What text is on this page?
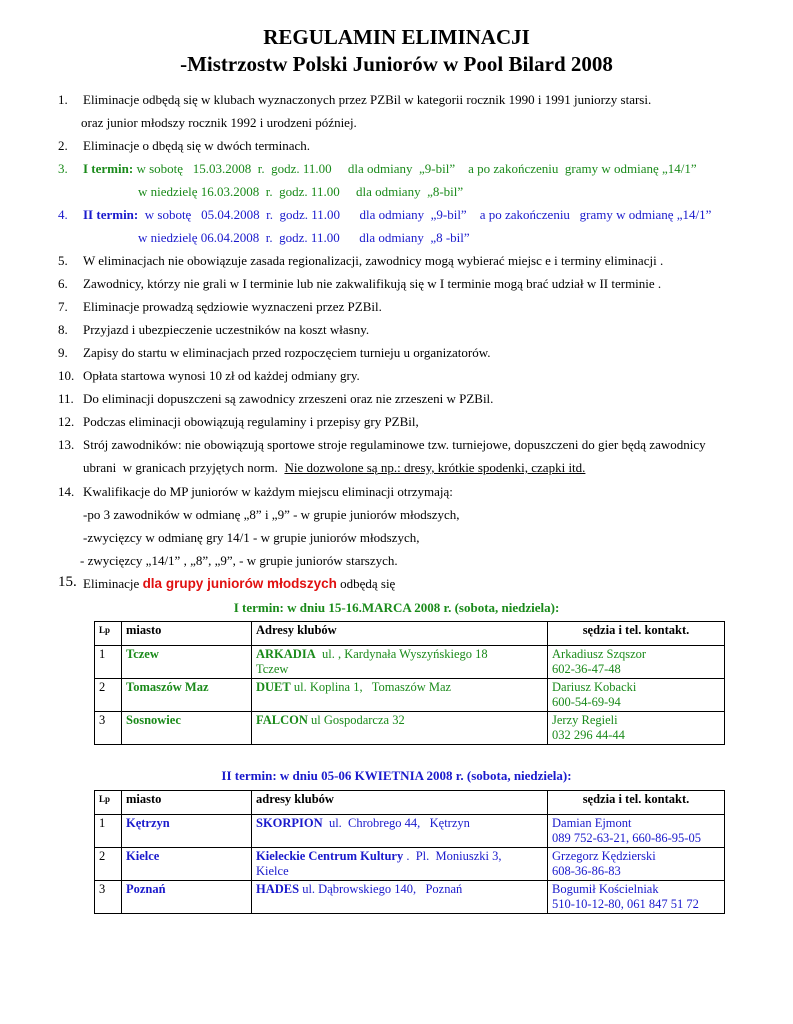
REGULAMIN ELIMINACJI
-Mistrzostw Polski Juniorów w Pool Bilard 2008
1. Eliminacje odbędą się w klubach wyznaczonych przez PZBil w kategorii rocznik 1990 i 1991 juniorzy starsi.
oraz junior młodszy rocznik 1992 i urodzeni później.
2. Eliminacje o dbędą się w dwóch terminach.
3. I termin: w sobotę   15.03.2008  r.  godz. 11.00     dla odmiany  „9-bil”    a po zakończeniu  gramy w odmianę „14/1”
w niedzielę 16.03.2008  r.  godz. 11.00     dla odmiany  „8-bil”
4. II termin:  w sobotę   05.04.2008  r.  godz. 11.00      dla odmiany  „9-bil”    a po zakończeniu   gramy w odmianę „14/1”
w niedzielę 06.04.2008  r.  godz. 11.00      dla odmiany  „8 -bil”
5. W eliminacjach nie obowiązuje zasada regionalizacji, zawodnicy mogą wybierać miejsc e i terminy eliminacji .
6. Zawodnicy, którzy nie grali w I terminie lub nie zakwalifikują się w I terminie mogą brać udział w II terminie .
7. Eliminacje prowadzą sędziowie wyznaczeni przez PZBil.
8. Przyjazd i ubezpieczenie uczestników na koszt własny.
9. Zapisy do startu w eliminacjach przed rozpoczęciem turnieju u organizatorów.
10. Opłata startowa wynosi 10 zł od każdej odmiany gry.
11. Do eliminacji dopuszczeni są zawodnicy zrzeszeni oraz nie zrzeszeni w PZBil.
12. Podczas eliminacji obowiązują regulaminy i przepisy gry PZBil,
13. Strój zawodników: nie obowiązują sportowe stroje regulaminowe tzw. turniejowe, dopuszczeni do gier będą zawodnicy
ubrani  w granicach przyjętych norm.  Nie dozwolone są np.: dresy, krótkie spodenki, czapki itd.
14. Kwalifikacje do MP juniorów w każdym miejscu eliminacji otrzymają:
-po 3 zawodników w odmianę „8” i „9” - w grupie juniorów młodszych,
-zwycięzcy w odmianę gry 14/1 - w grupie juniorów młodszych,
- zwycięzcy „14/1” , „8”, „9”, - w grupie juniorów starszych.
15. Eliminacje dla grupy juniorów młodszych odbędą się
I termin: w dniu 15-16.MARCA 2008 r. (sobota, niedziela):
Lp	miasto	Adresy klubów	sędzia i tel. kontakt.
1	Tczew	ARKADIA  ul. , Kardynała Wyszyńskiego 18
Tczew	Arkadiusz Szqszor
602-36-47-48
2	Tomaszów Maz	DUET ul. Koplina 1,   Tomaszów Maz	Dariusz Kobacki
600-54-69-94
3	Sosnowiec	FALCON ul Gospodarcza 32	Jerzy Regieli
032 296 44-44
II termin: w dniu 05-06 KWIETNIA 2008 r. (sobota, niedziela):
Lp	miasto	adresy klubów	sędzia i tel. kontakt.
1	Kętrzyn	SKORPION  ul.  Chrobrego 44,   Kętrzyn	Damian Ejmont
089 752-63-21, 660-86-95-05
2	Kielce	Kieleckie Centrum Kultury .  Pl.  Moniuszki 3,
Kielce	Grzegorz Kędzierski
608-36-86-83
3	Poznań	HADES ul. Dąbrowskiego 140,   Poznań	Bogumił Kościelniak
510-10-12-80, 061 847 51 72
